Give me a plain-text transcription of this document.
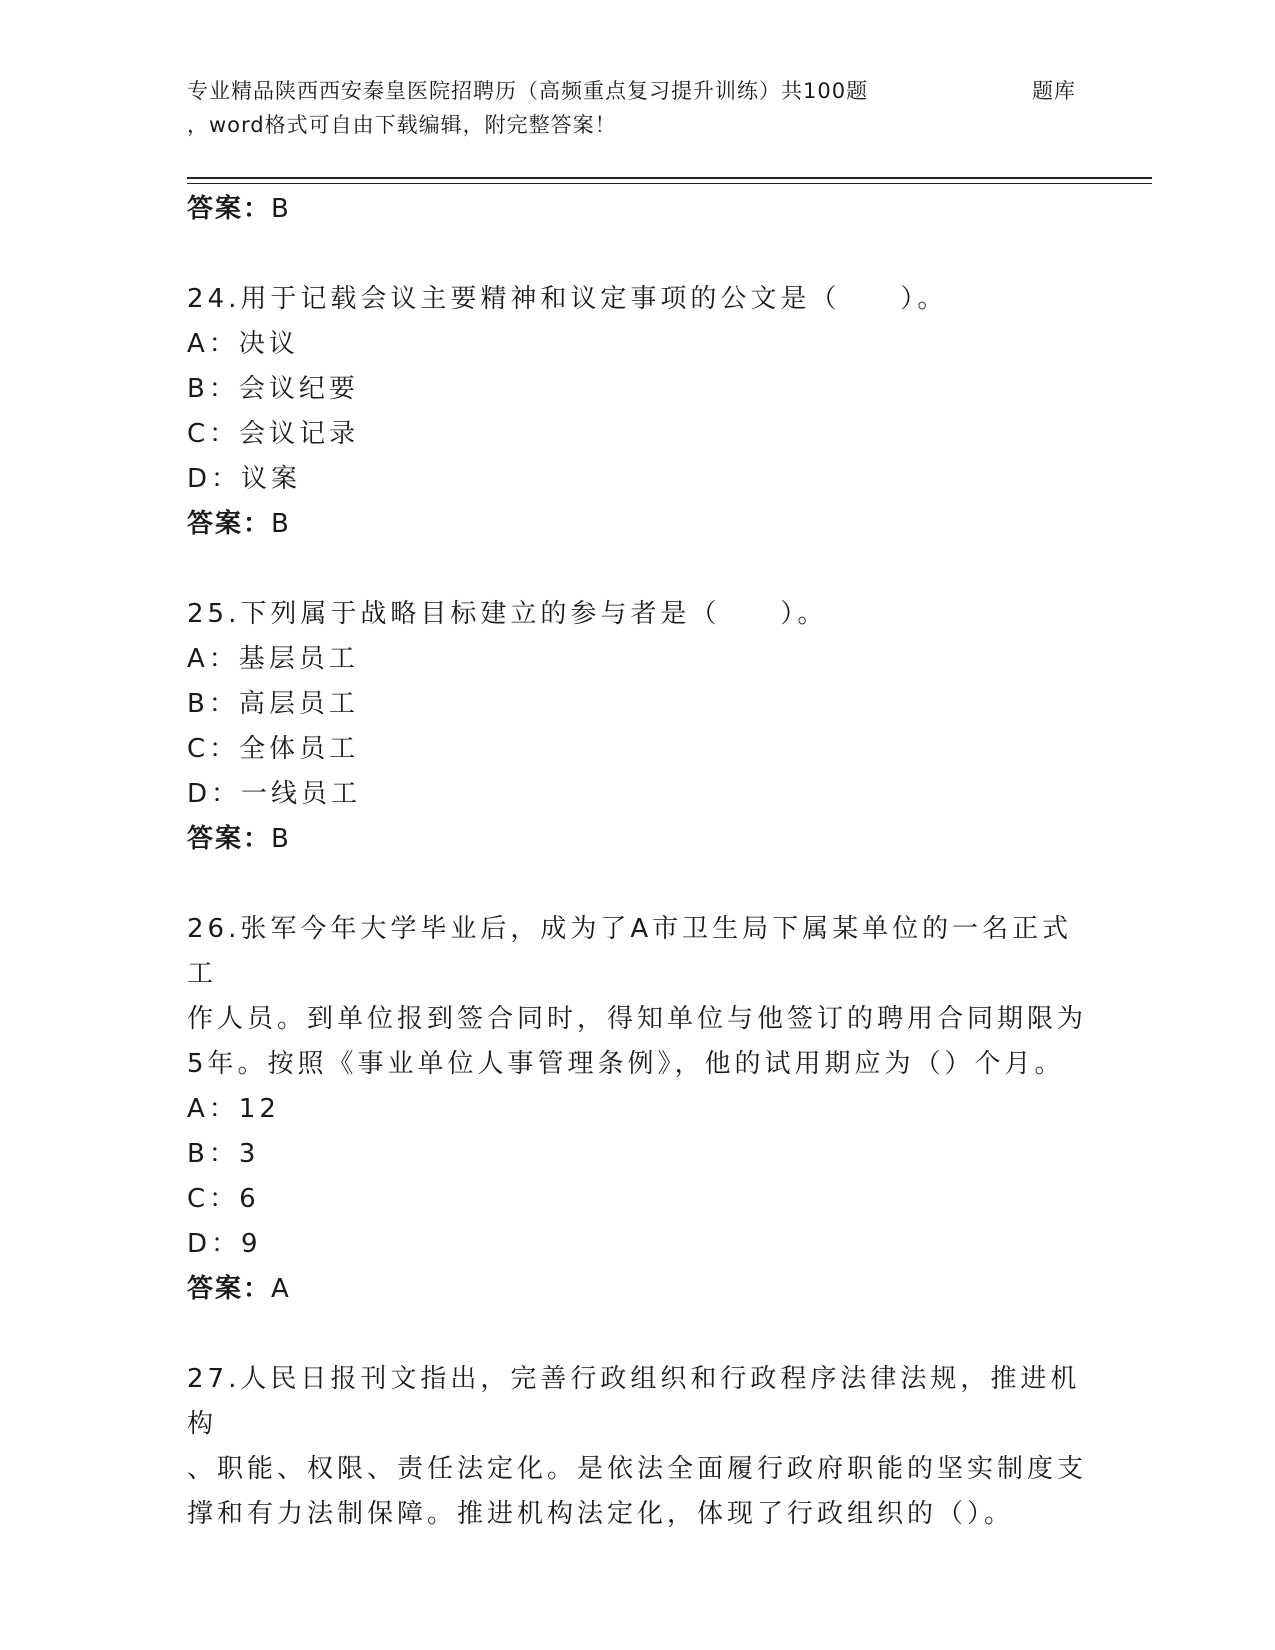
专业精品陕西西安秦皇医院招聘历（高频重点复习提升训练）共100题	题库
，word格式可自由下载编辑，附完整答案！
答案：B
24.用于记载会议主要精神和议定事项的公文是（　　）。
A：决议
B：会议纪要
C：会议记录
D：议案
答案：B
25.下列属于战略目标建立的参与者是（　　）。
A：基层员工
B：高层员工
C：全体员工
D：一线员工
答案：B
26.张军今年大学毕业后，成为了A市卫生局下属某单位的一名正式工
作人员。到单位报到签合同时，得知单位与他签订的聘用合同期限为
5年。按照《事业单位人事管理条例》，他的试用期应为（）个月。
A：12
B：3
C：6
D：9
答案：A
27.人民日报刊文指出，完善行政组织和行政程序法律法规，推进机构
、职能、权限、责任法定化。是依法全面履行政府职能的坚实制度支
撑和有力法制保障。推进机构法定化，体现了行政组织的（）。
